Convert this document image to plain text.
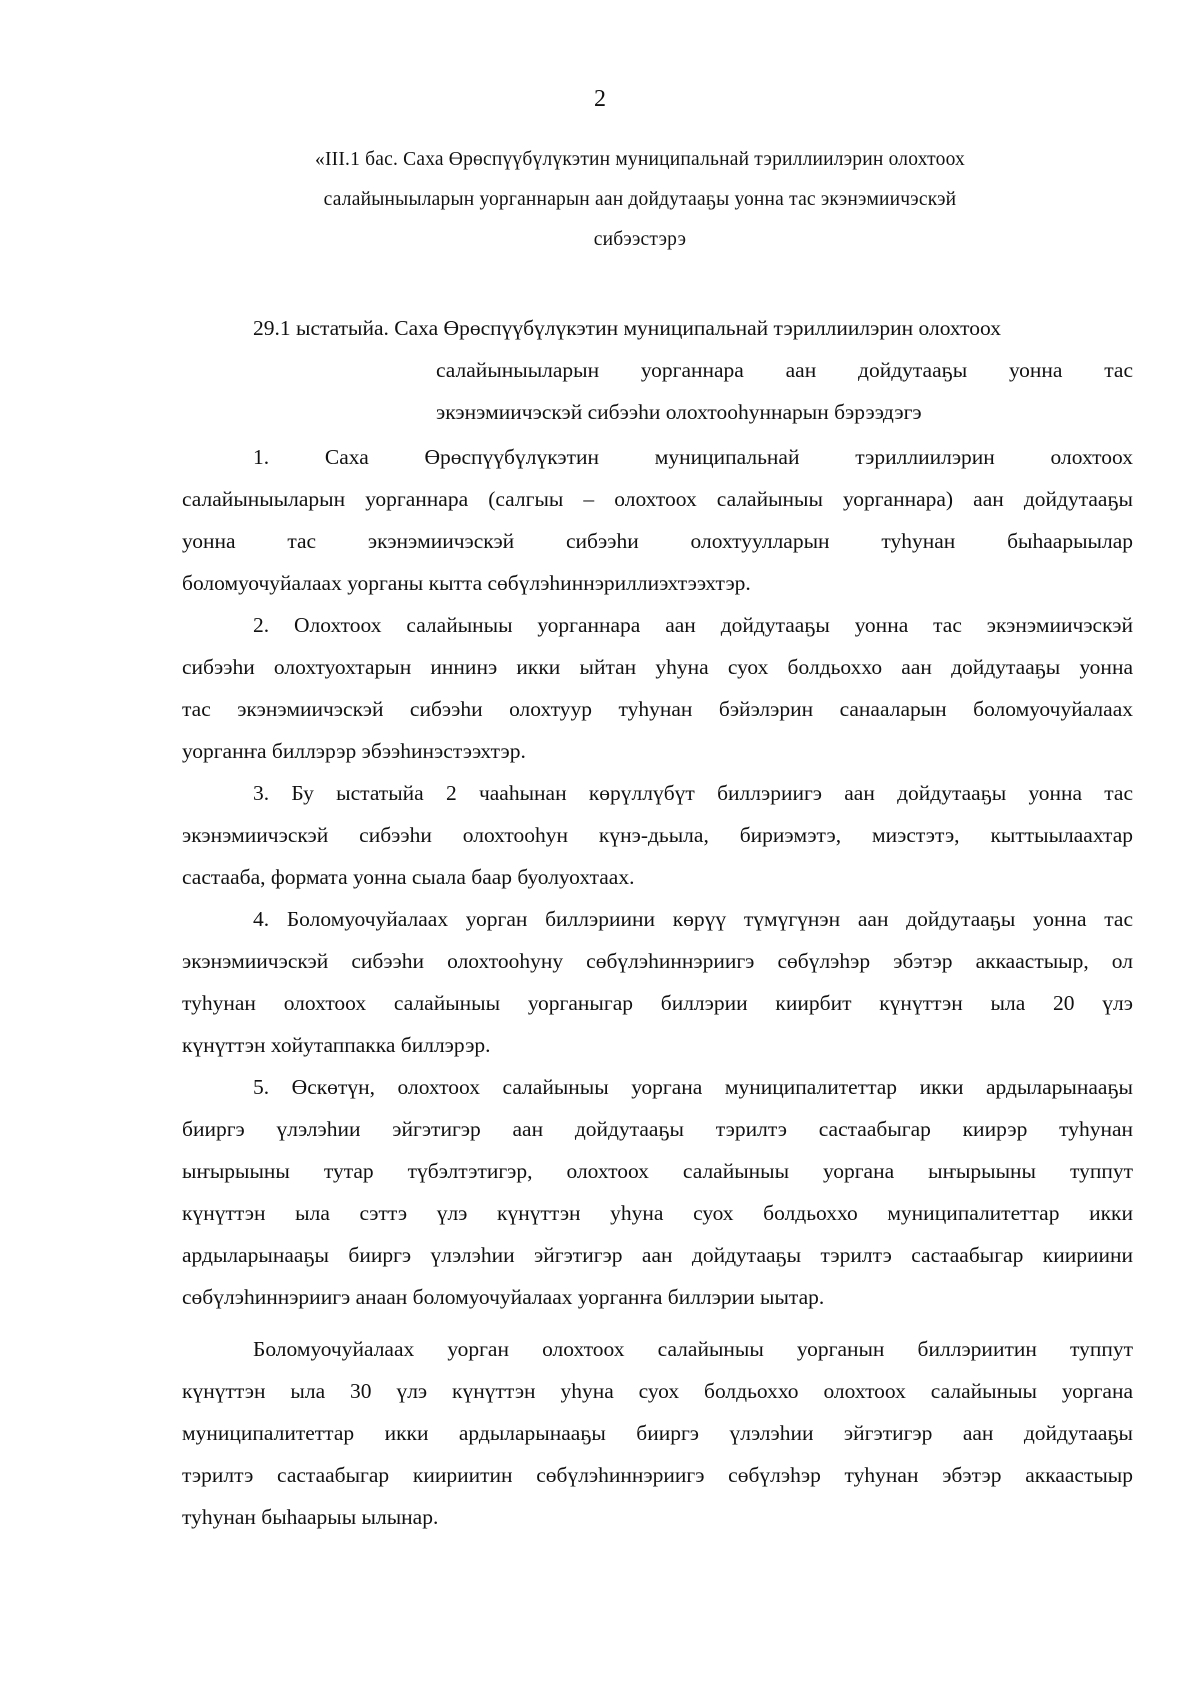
2
«III.1 бас. Саха Өрөспүүбүлүкэтин муниципальнай тэриллиилэрин олохтоох
салайыныыларын уорганнарын аан дойдутааҕы уонна тас экэнэмиичэскэй
сибээстэрэ
29.1 ыстатыйа. Саха Өрөспүүбүлүкэтин муниципальнай тэриллиилэрин олохтоох
салайыныыларын уорганнара аан дойдутааҕы уонна тас
экэнэмиичэскэй сибээһи олохтооһуннарын бэрээдэгэ
1. Саха Өрөспүүбүлүкэтин муниципальнай тэриллиилэрин олохтоох
салайыныыларын уорганнара (салгыы – олохтоох салайыныы уорганнара) аан дойдутааҕы
уонна тас экэнэмиичэскэй сибээһи олохтуулларын туһунан быһаарыылар
боломуочуйалаах уорганы кытта сөбүлэһиннэриллиэхтээхтэр.
2. Олохтоох салайыныы уорганнара аан дойдутааҕы уонна тас экэнэмиичэскэй
сибээһи олохтуохтарын иннинэ икки ыйтан уһуна суох болдьоххо аан дойдутааҕы уонна
тас экэнэмиичэскэй сибээһи олохтуур туһунан бэйэлэрин санааларын боломуочуйалаах
уорганҥа биллэрэр эбээһинэстээхтэр.
3. Бу ыстатыйа 2 чааһынан көрүллүбүт биллэриигэ аан дойдутааҕы уонна тас
экэнэмиичэскэй сибээһи олохтооһун күнэ-дьыла, бириэмэтэ, миэстэтэ, кыттыылаахтар
састааба, формата уонна сыала баар буолуохтаах.
4. Боломуочуйалаах уорган биллэриини көрүү түмүгүнэн аан дойдутааҕы уонна тас
экэнэмиичэскэй сибээһи олохтооһуну сөбүлэһиннэриигэ сөбүлэһэр эбэтэр аккаастыыр, ол
туһунан олохтоох салайыныы уорганыгар биллэрии киирбит күнүттэн ыла 20 үлэ
күнүттэн хойутаппакка биллэрэр.
5. Өскөтүн, олохтоох салайыныы уорганa муниципалитеттар икки ардыларынааҕы
бииргэ үлэлэһии эйгэтигэр аан дойдутааҕы тэрилтэ састаабыгар киирэр туһунан
ыҥырыыны тутар түбэлтэтигэр, олохтоох салайыныы уорганa ыҥырыыны туппут
күнүттэн ыла сэттэ үлэ күнүттэн уһуна суох болдьоххо муниципалитеттар икки
ардыларынааҕы бииргэ үлэлэһии эйгэтигэр аан дойдутааҕы тэрилтэ састаабыгар киириини
сөбүлэһиннэриигэ анаан боломуочуйалаах уорганҥа биллэрии ыытар.
Боломуочуйалаах уорган олохтоох салайыныы уорганын биллэриитин туппут
күнүттэн ыла 30 үлэ күнүттэн уһуна суох болдьоххо олохтоох салайыныы уорганa
муниципалитеттар икки ардыларынааҕы бииргэ үлэлэһии эйгэтигэр аан дойдутааҕы
тэрилтэ састаабыгар киириитин сөбүлэһиннэриигэ сөбүлэһэр туһунан эбэтэр аккаастыыр
туһунан быһаарыы ылынар.
